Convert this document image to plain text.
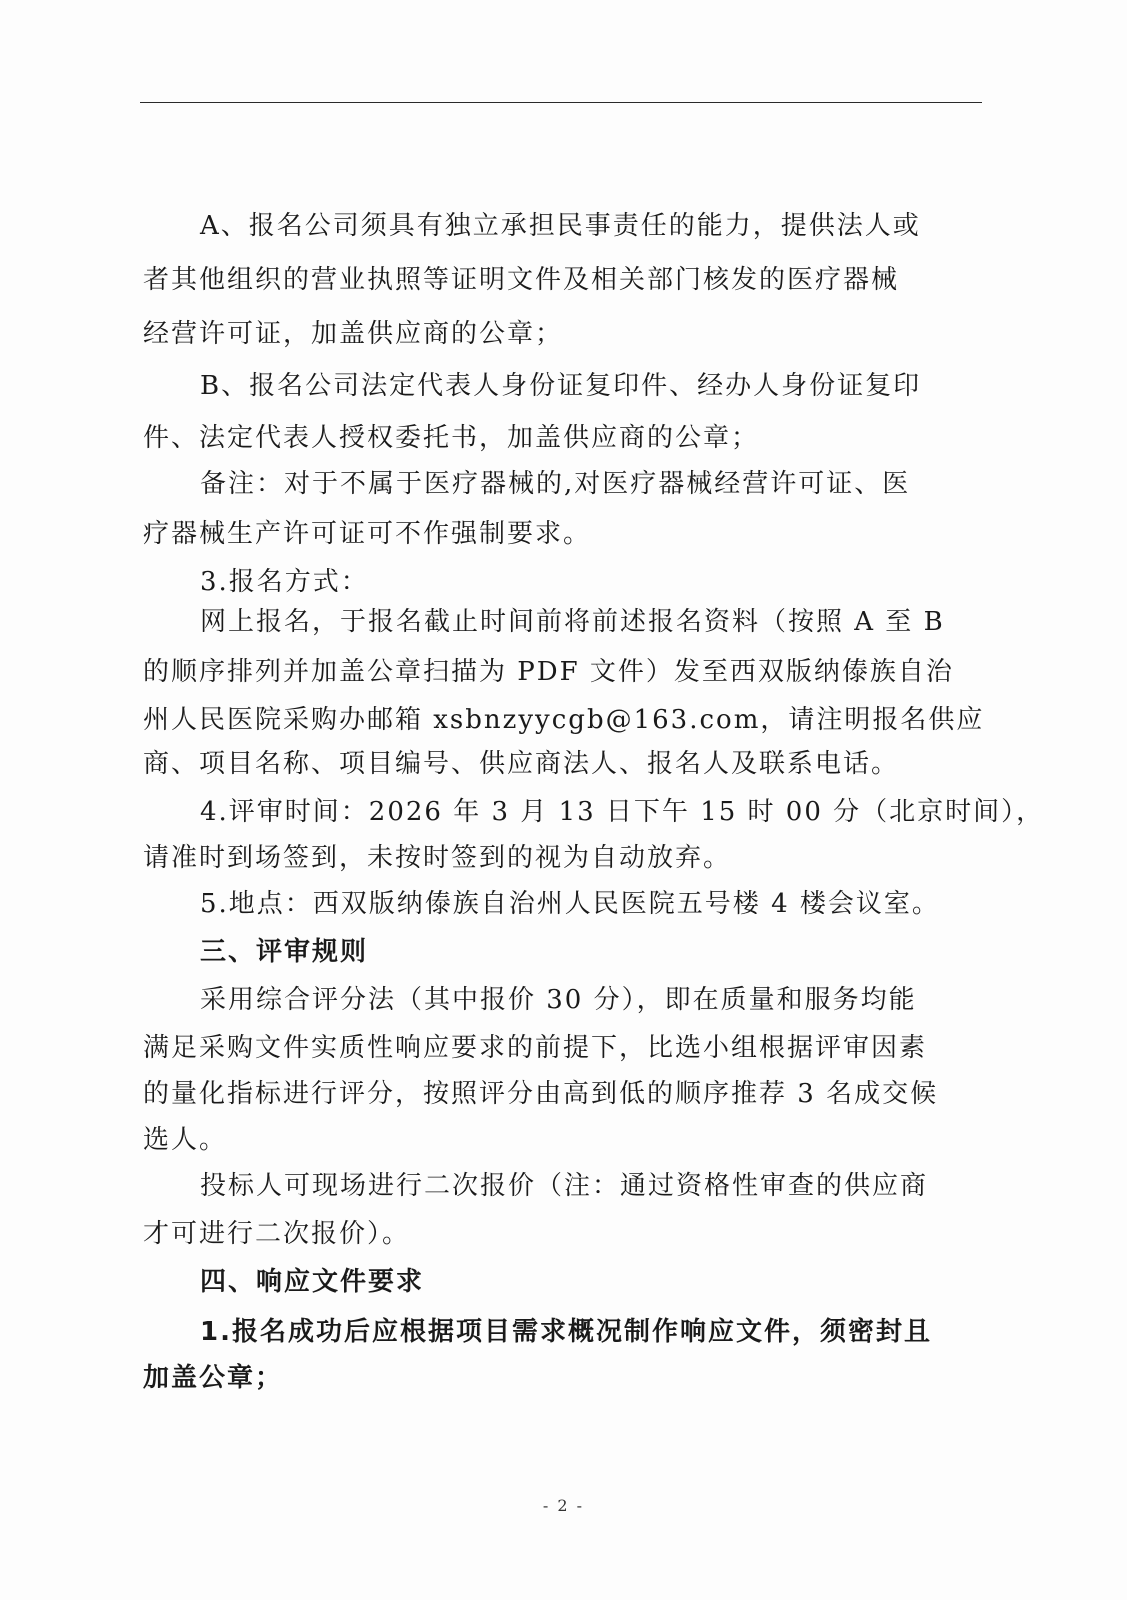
A、报名公司须具有独立承担民事责任的能力，提供法人或
者其他组织的营业执照等证明文件及相关部门核发的医疗器械
经营许可证，加盖供应商的公章；
B、报名公司法定代表人身份证复印件、经办人身份证复印
件、法定代表人授权委托书，加盖供应商的公章；
备注：对于不属于医疗器械的,对医疗器械经营许可证、医
疗器械生产许可证可不作强制要求。
3.报名方式：
网上报名，于报名截止时间前将前述报名资料（按照 A 至 B
的顺序排列并加盖公章扫描为 PDF 文件）发至西双版纳傣族自治
州人民医院采购办邮箱 xsbnzyycgb@163.com，请注明报名供应
商、项目名称、项目编号、供应商法人、报名人及联系电话。
4.评审时间：2026 年 3 月 13 日下午 15 时 00 分（北京时间），
请准时到场签到，未按时签到的视为自动放弃。
5.地点：西双版纳傣族自治州人民医院五号楼 4 楼会议室。
三、评审规则
采用综合评分法（其中报价 30 分），即在质量和服务均能
满足采购文件实质性响应要求的前提下，比选小组根据评审因素
的量化指标进行评分，按照评分由高到低的顺序推荐 3 名成交候
选人。
投标人可现场进行二次报价（注：通过资格性审查的供应商
才可进行二次报价）。
四、响应文件要求
1.报名成功后应根据项目需求概况制作响应文件，须密封且
加盖公章；
- 2 -
